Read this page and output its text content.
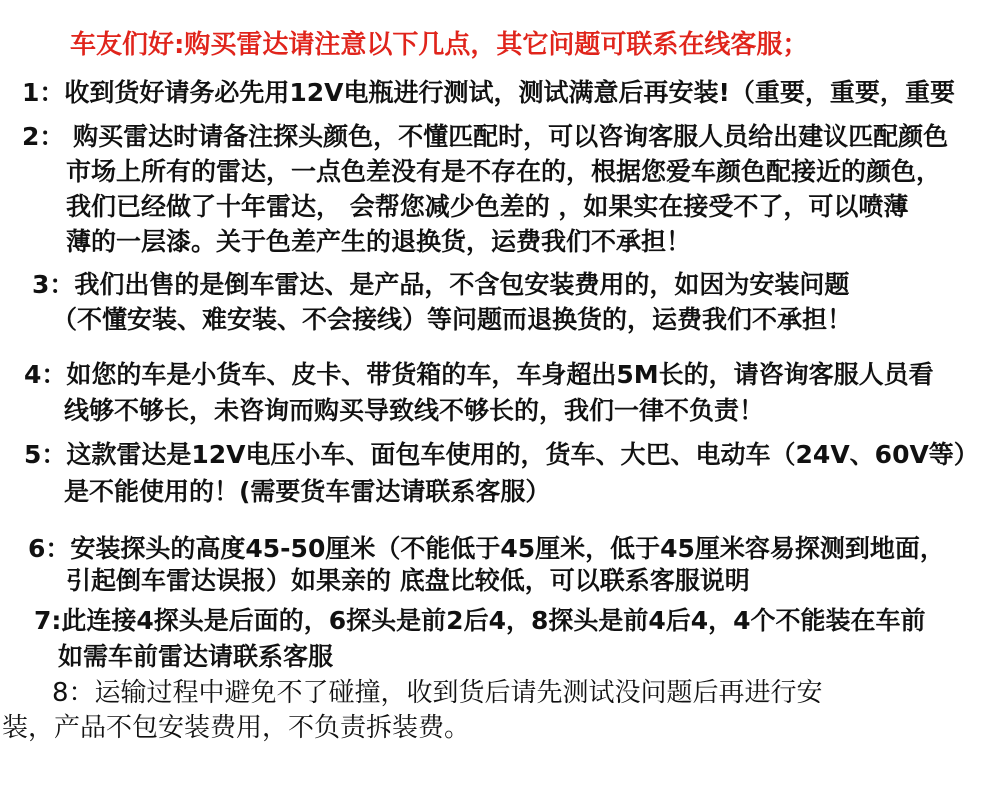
车友们好:购买雷达请注意以下几点，其它问题可联系在线客服；
1：收到货好请务必先用12V电瓶进行测试，测试满意后再安装!（重要，重要，重要
2： 购买雷达时请备注探头颜色，不懂匹配时，可以咨询客服人员给出建议匹配颜色
市场上所有的雷达，一点色差没有是不存在的，根据您爱车颜色配接近的颜色，
我们已经做了十年雷达， 会帮您减少色差的 ，如果实在接受不了，可以喷薄
薄的一层漆。关于色差产生的退换货，运费我们不承担！
3：我们出售的是倒车雷达、是产品，不含包安装费用的，如因为安装问题
（不懂安装、难安装、不会接线）等问题而退换货的，运费我们不承担！
4：如您的车是小货车、皮卡、带货箱的车，车身超出5M长的，请咨询客服人员看
线够不够长，未咨询而购买导致线不够长的，我们一律不负责！
5：这款雷达是12V电压小车、面包车使用的，货车、大巴、电动车（24V、60V等）
是不能使用的！(需要货车雷达请联系客服）
6：安装探头的高度45-50厘米（不能低于45厘米，低于45厘米容易探测到地面，
引起倒车雷达误报）如果亲的 底盘比较低，可以联系客服说明
7:此连接4探头是后面的，6探头是前2后4，8探头是前4后4，4个不能装在车前
如需车前雷达请联系客服
8：运输过程中避免不了碰撞，收到货后请先测试没问题后再进行安
装，产品不包安装费用，不负责拆装费。
